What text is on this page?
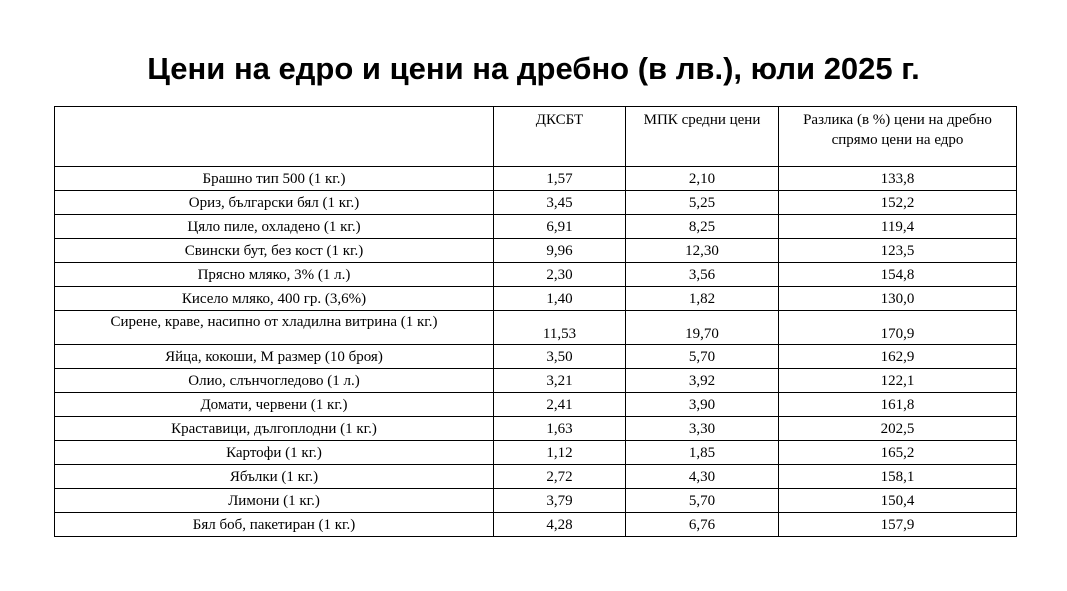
Цени на едро и цени на дребно (в лв.), юли 2025 г.
	ДКСБТ	МПК средни цени	Разлика (в %) цени на дребно спрямо цени на едро
Брашно тип 500 (1 кг.)	1,57	2,10	133,8
Ориз, български бял (1 кг.)	3,45	5,25	152,2
Цяло пиле, охладено (1 кг.)	6,91	8,25	119,4
Свински бут, без кост (1 кг.)	9,96	12,30	123,5
Прясно мляко, 3% (1 л.)	2,30	3,56	154,8
Кисело мляко, 400 гр. (3,6%)	1,40	1,82	130,0
Сирене, краве, насипно от хладилна витрина (1 кг.)	11,53	19,70	170,9
Яйца, кокоши, М размер (10 броя)	3,50	5,70	162,9
Олио, слънчогледово (1 л.)	3,21	3,92	122,1
Домати, червени (1 кг.)	2,41	3,90	161,8
Краставици, дългоплодни (1 кг.)	1,63	3,30	202,5
Картофи (1 кг.)	1,12	1,85	165,2
Ябълки (1 кг.)	2,72	4,30	158,1
Лимони (1 кг.)	3,79	5,70	150,4
Бял боб, пакетиран (1 кг.)	4,28	6,76	157,9
